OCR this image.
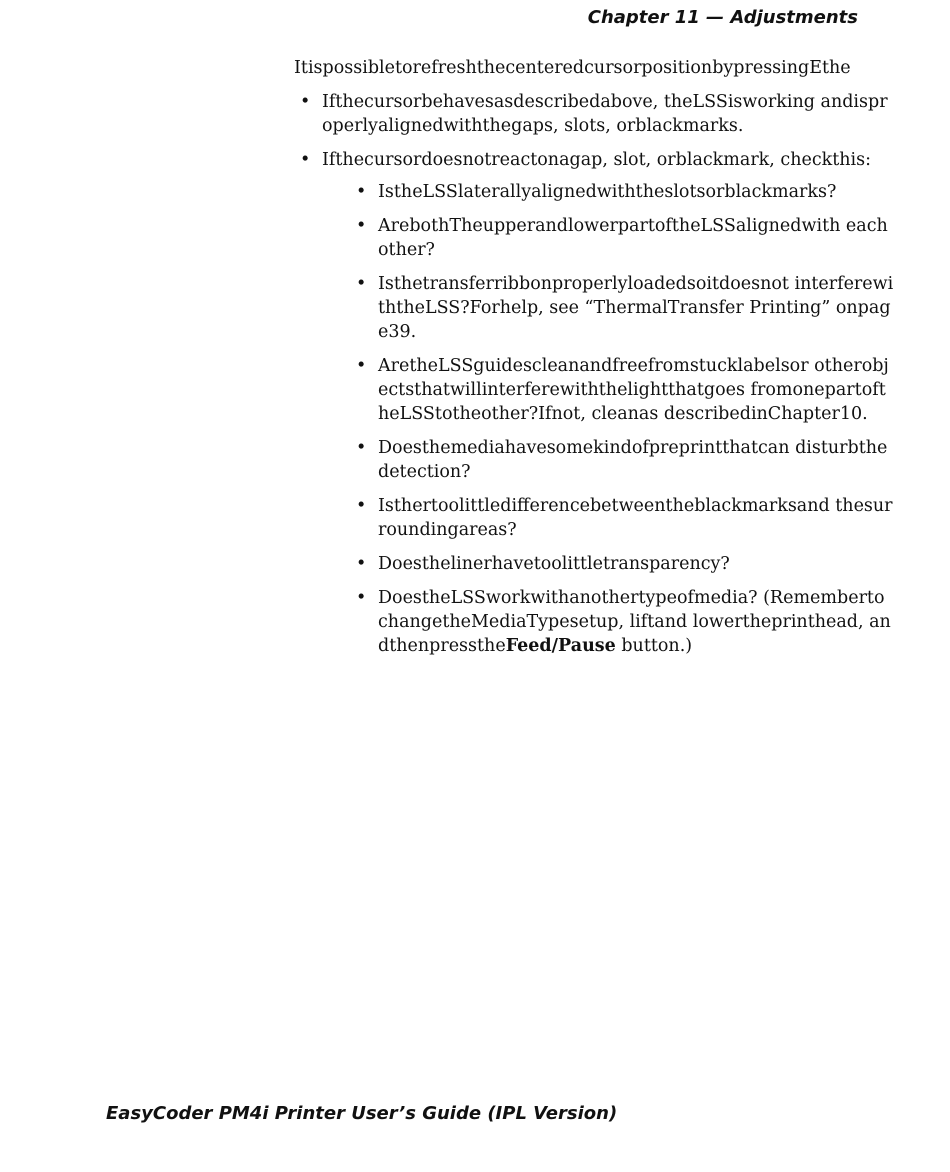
Chapter 11 — Adjustments

ItispossibletorefreshthecenteredcursorpositionbypressingEthe

• Ifthecursorbehavesasdescribedabove, theLSSisworking andisproperlyalignedwiththegaps, slots, orblackmarks.
• Ifthecursordoesnotreactonagap, slot, orblackmark, checkthis:
• IstheLSSlaterallyalignedwiththeslotsorblackmarks?
• ArebothTheupperandlowerpartoftheLSSalignedwith eachother?
• Isthetransferribbonproperlyloadedsoitdoesnot interferewiththeLSS?Forhelp, see “ThermalTransfer Printing” onpage39.
• AretheLSSguidescleanandfreefromstucklabelsor otherobjectsthatwillinterferewiththelightthatgoes fromonepartoftheLSStotheother?Ifnot, cleanas describedinChapter10.
• Doesthemediahavesomekindofpreprintthatcan disturbthedetection?
• Isthertoolittledifferencebetweentheblackmarksand thesurroundingareas?
• Doesthelinerhavetoolittletransparency?
• DoestheLSSworkwithanothertypeofmedia? (RemembertochangetheMediaTypesetup, liftand lowertheprinthead, andthenpresstheFeed/Pause button.)
EasyCoder PM4i Printer User’s Guide (IPL Version)
